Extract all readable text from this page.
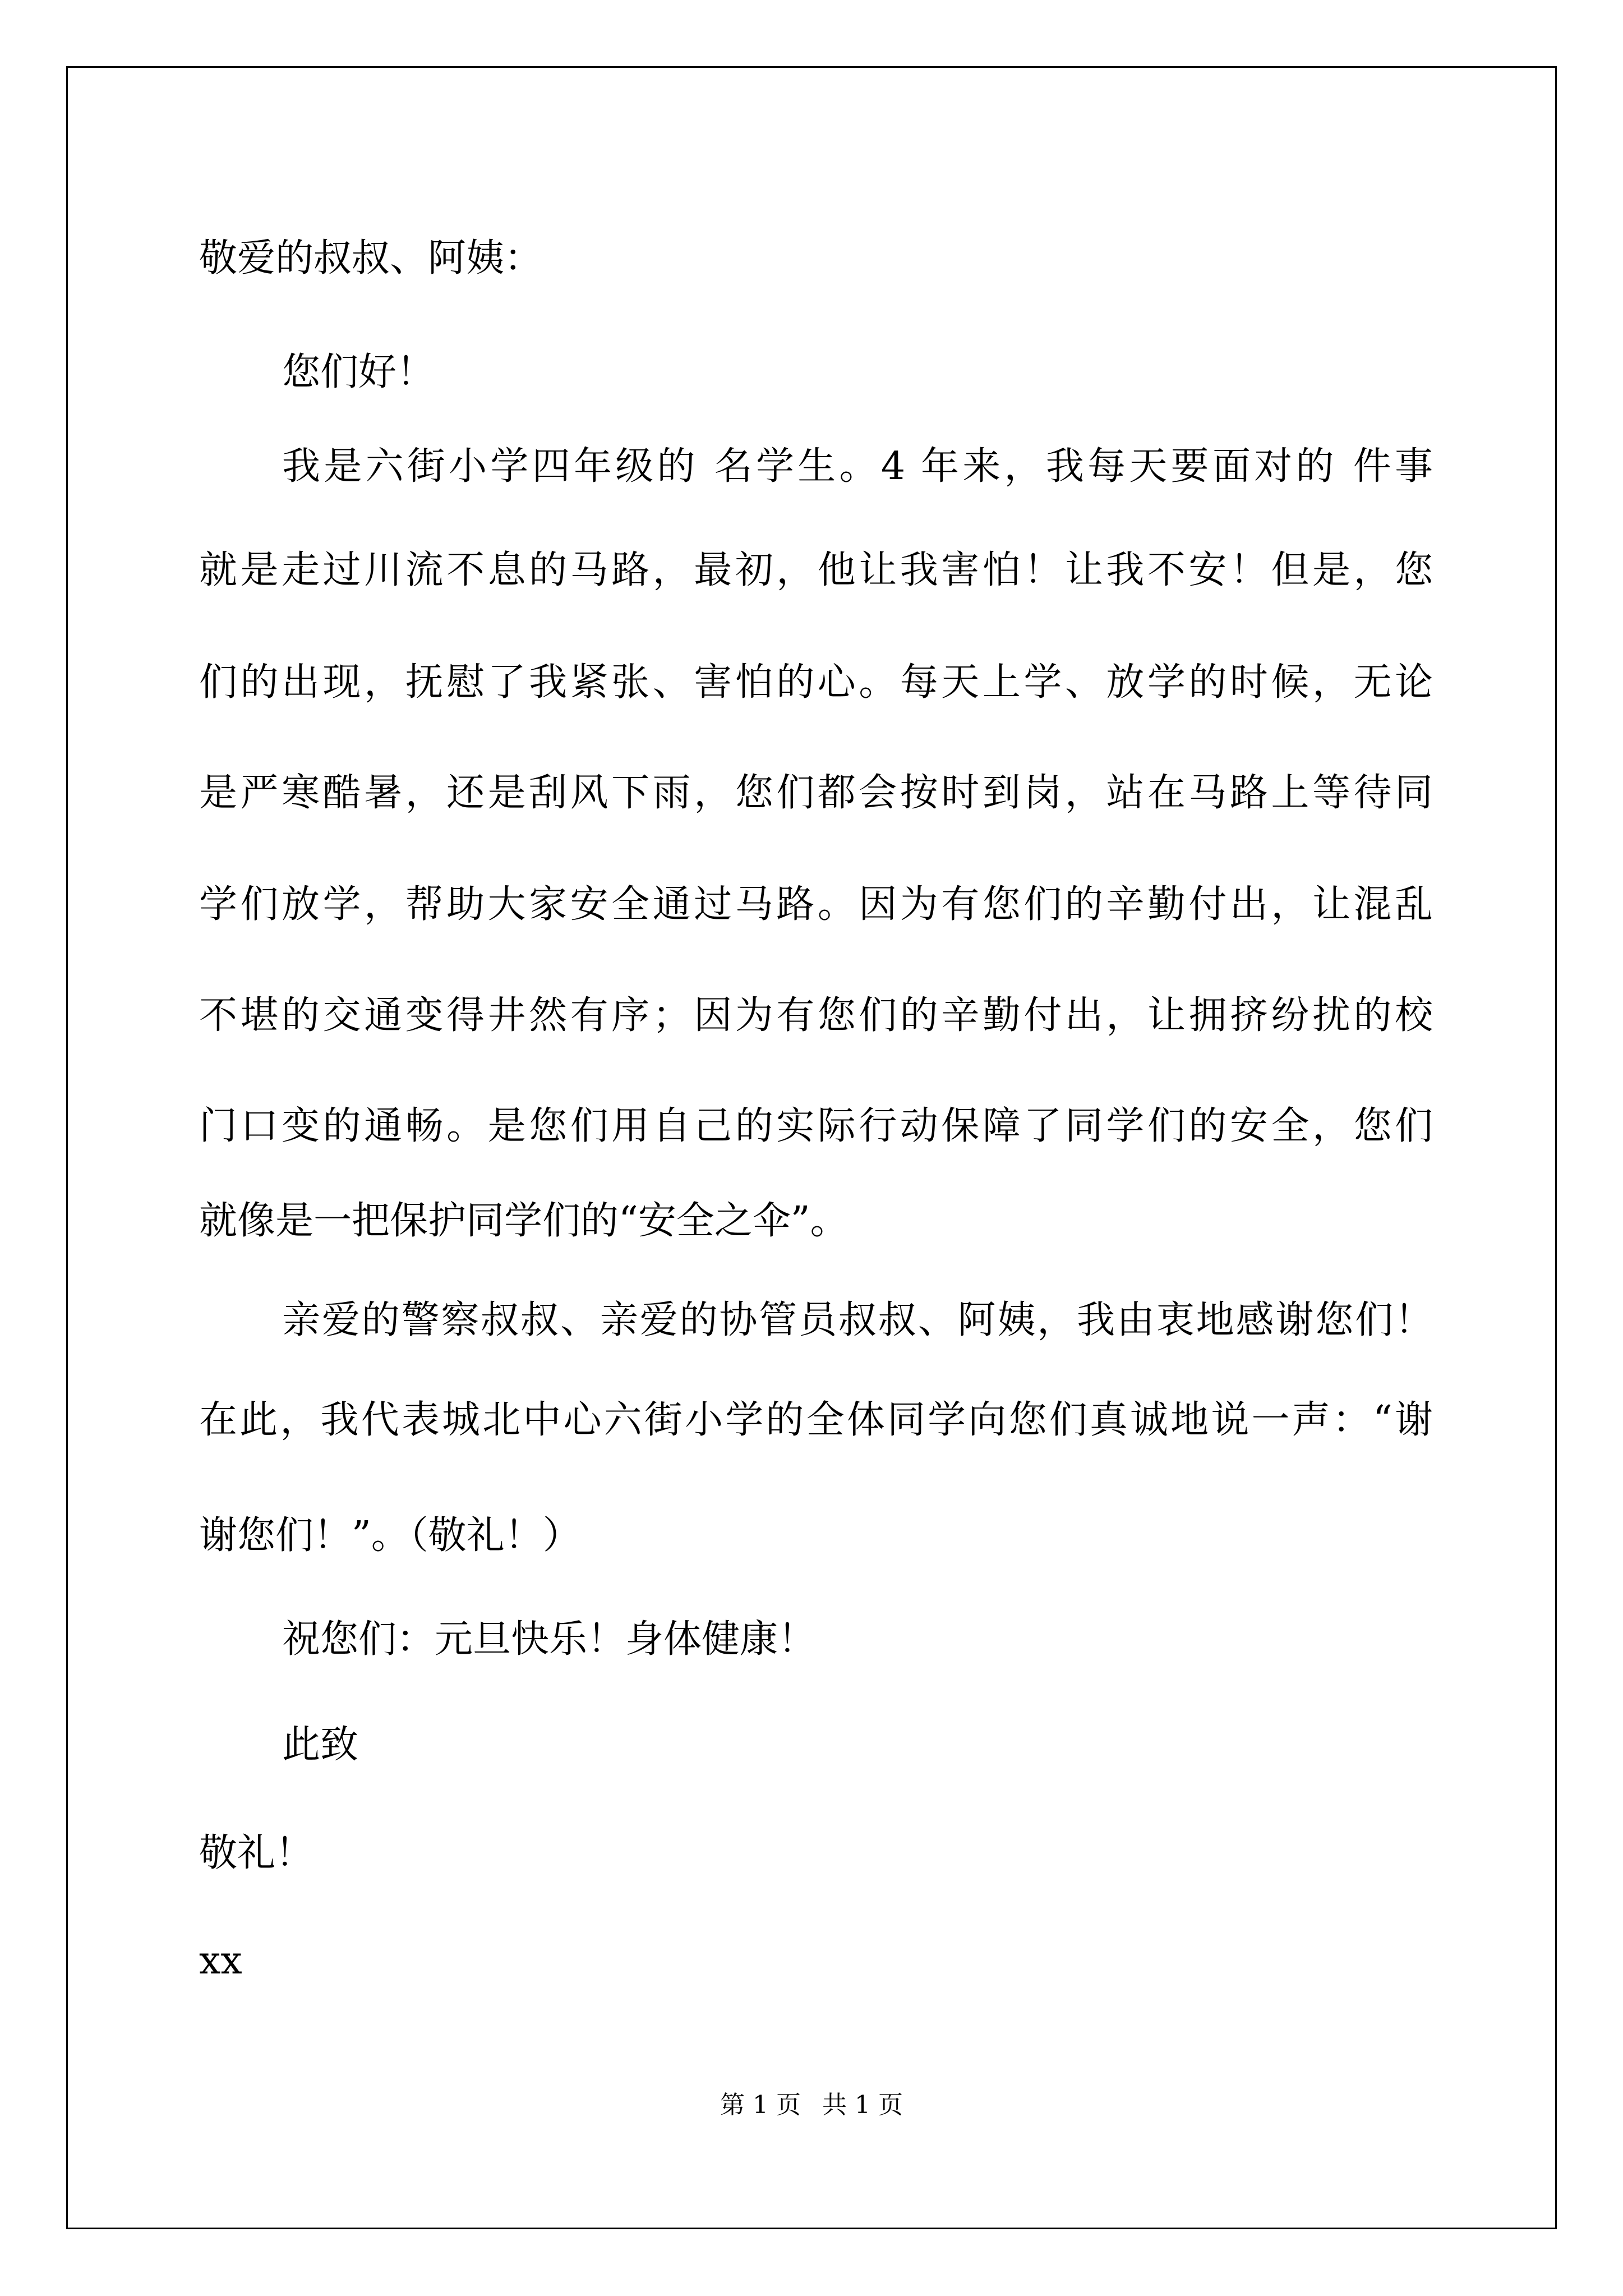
敬爱的叔叔、阿姨：
您们好！
我是六街小学四年级的 名学生。4 年来，我每天要面对的 件事
就是走过川流不息的马路，最初，他让我害怕！让我不安！但是，您
们的出现，抚慰了我紧张、害怕的心。每天上学、放学的时候，无论
是严寒酷暑，还是刮风下雨，您们都会按时到岗，站在马路上等待同
学们放学，帮助大家安全通过马路。因为有您们的辛勤付出，让混乱
不堪的交通变得井然有序；因为有您们的辛勤付出，让拥挤纷扰的校
门口变的通畅。是您们用自己的实际行动保障了同学们的安全，您们
就像是一把保护同学们的“安全之伞”。
亲爱的警察叔叔、亲爱的协管员叔叔、阿姨，我由衷地感谢您们！
在此，我代表城北中心六街小学的全体同学向您们真诚地说一声：“谢
谢您们！”。（敬礼！）
祝您们：元旦快乐！身体健康！
此致
敬礼！
xx
第 1 页 共 1 页
